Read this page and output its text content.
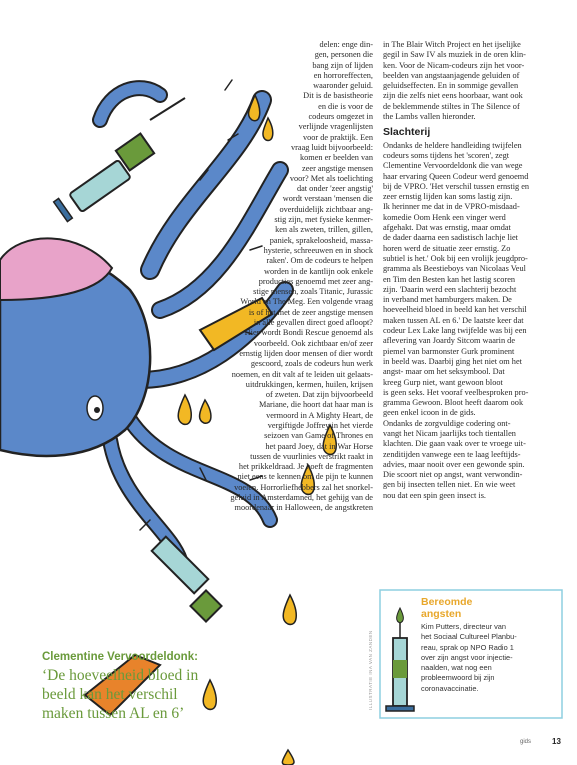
delen: enge din-
gen, personen die
bang zijn of lijden
en horroreffecten,
waaronder geluid.
Dit is de basistheorie
en die is voor de
codeurs omgezet in
verlijnde vragenlijsten
voor de praktijk. Een
vraag luidt bijvoorbeeld:
komen er beelden van
zeer angstige mensen
voor? Met als toelichting
dat onder 'zeer angstig'
wordt verstaan 'mensen die
overduidelijk zichtbaar ang-
stig zijn, met fysieke kenmer-
ken als zweten, trillen, gillen,
paniek, sprakeloosheid, massa-
hysterie, schreeuwen en in shock
raken'. Om de codeurs te helpen
worden in de kantlijn ook enkele
producties genoemd met zeer ang-
stige mensen, zoals Titanic, Jurassic
World en The Meg. Een volgende vraag
is of het met de zeer angstige mensen
in alle gevallen direct goed afloopt?
Hier wordt Bondi Rescue genoemd als
voorbeeld. Ook zichtbaar en/of zeer
ernstig lijden door mensen of dier wordt
gescoord, zoals de codeurs hun werk
noemen, en dit valt af te leiden uit gelaats-
uitdrukkingen, kermen, huilen, krijsen
of zweten. Dat zijn bijvoorbeeld
Mariane, die hoort dat haar man is
vermoord in A Mighty Heart, de
vergiftigde Joffrey in het vierde
seizoen van Game of Thrones en
het paard Joey, dat in War Horse
tussen de vuurlinies verstrikt raakt in
het prikkeldraad. Je hoeft de fragmenten
niet eens te kennen om de pijn te kunnen
voelen. Horrorliefhebbers zal het snorkel-
geluid in Amsterdamned, het gehijg van de
moordenaar in Halloween, de angstkreten
in The Blair Witch Project en het ijselijke
gegil in Saw IV als muziek in de oren klin-
ken. Voor de Nicam-codeurs zijn het voor-
beelden van angstaanjagende geluiden of
geluidseffecten. En in sommige gevallen
zijn die zelfs niet eens hoorbaar, want ook
de beklemmende stiltes in The Silence of
the Lambs vallen hieronder.
Slachterij
Ondanks de heldere handleiding twijfelen
codeurs soms tijdens het 'scoren', zegt
Clementine Vervoordeldonk die van wege
haar ervaring Queen Codeur werd genoemd
bij de VPRO. 'Het verschil tussen ernstig en
zeer ernstig lijden kan soms lastig zijn.
Ik herinner me dat in de VPRO-misdaad-
komedie Oom Henk een vinger werd
afgehakt. Dat was ernstig, maar omdat
de dader daarna een sadistisch lachje liet
horen werd de situatie zeer ernstig. Zo
subtiel is het.' Ook bij een vrolijk jeugdpro-
gramma als Beestieboys van Nicolaas Veul
en Tim den Besten kan het lastig scoren
zijn. 'Daarin werd een slachterij bezocht
in verband met hamburgers maken. De
hoeveelheid bloed in beeld kan het verschil
maken tussen AL en 6.' De laatste keer dat
codeur Lex Lake lang twijfelde was bij een
aflevering van Joardy Sitcom waarin de
piemel van barmonster Gurk prominent
in beeld was. Daarbij ging het niet om het
angst- maar om het seksymbool. Dat
kreeg Gurp niet, want gewoon bloot
is geen seks. Het vooraf veelbesproken pro-
gramma Gewoon. Bloot heeft daarom ook
geen enkel icoon in de gids.
Ondanks de zorgvuldige codering ont-
vangt het Nicam jaarlijks toch tientallen
klachten. Die gaan vaak over te vroege uit-
zenditijden vanwege een te laag leeftijds-
advies, maar nooit over een gewonde spin.
Die scoort niet op angst, want verwondin-
gen bij insecten tellen niet. En wie weet
nou dat een spin geen insect is.
Clementine Vervoordeldonk:
‘De hoeveelheid bloed in
beeld kan het verschil
maken tussen AL en 6’
Bereomde
angsten
Kim Putters, directeur van
het Sociaal Cultureel Planbu-
reau, sprak op NPO Radio 1
over zijn angst voor injectie-
naalden, wat nog een
probleemwoord bij zijn
coronavaccinatie.
ILLUSTRATIE INA VAN ZANDEN
gids	13
